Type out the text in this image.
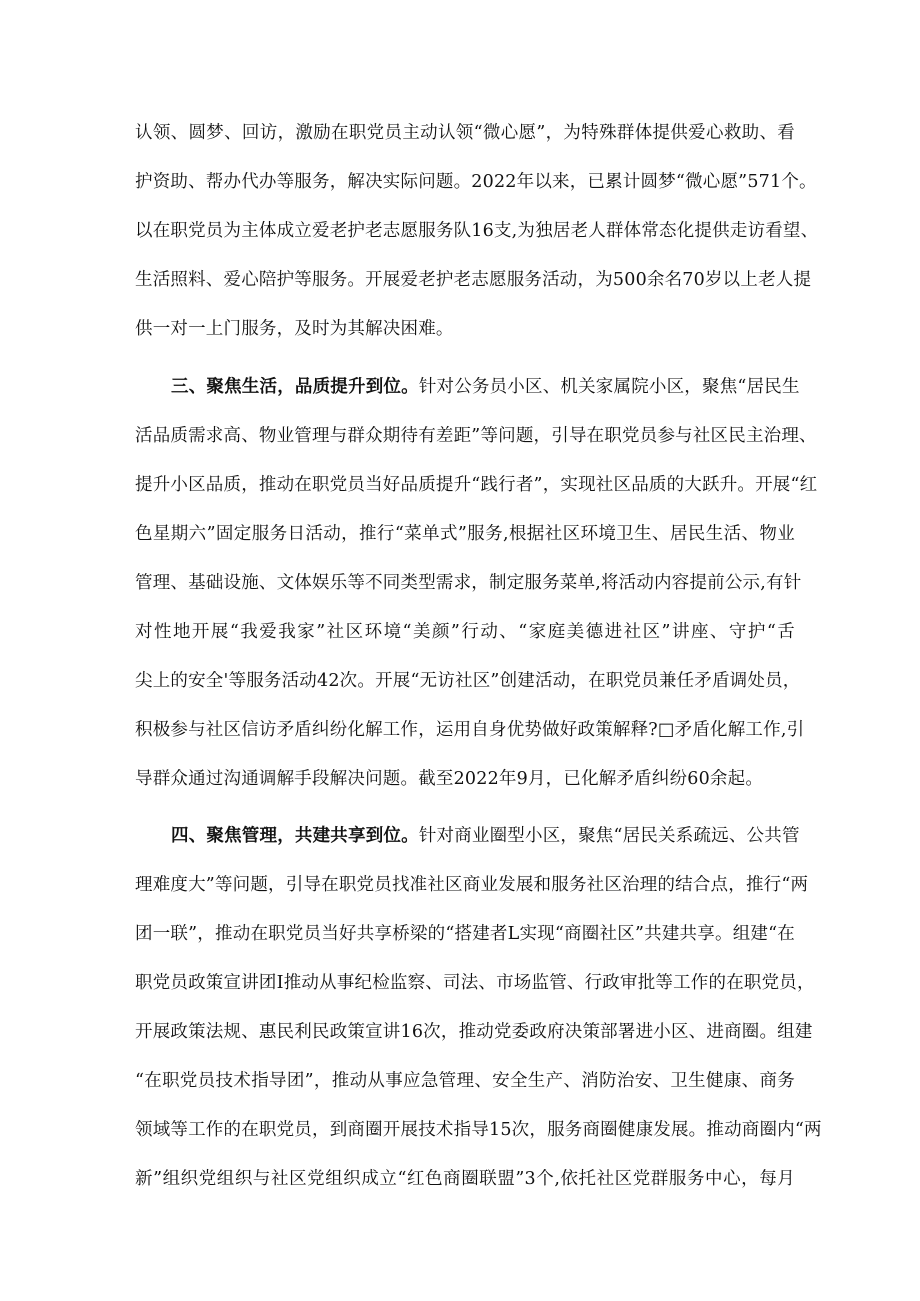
认领、圆梦、回访，激励在职党员主动认领“微心愿”，为特殊群体提供爱心救助、看
护资助、帮办代办等服务，解决实际问题。2022年以来，已累计圆梦“微心愿”571个。
以在职党员为主体成立爱老护老志愿服务队16支,为独居老人群体常态化提供走访看望、
生活照料、爱心陪护等服务。开展爱老护老志愿服务活动，为500余名70岁以上老人提
供一对一上门服务，及时为其解决困难。
三、聚焦生活，品质提升到位。针对公务员小区、机关家属院小区，聚焦“居民生
活品质需求高、物业管理与群众期待有差距”等问题，引导在职党员参与社区民主治理、
提升小区品质，推动在职党员当好品质提升“践行者”，实现社区品质的大跃升。开展“红
色星期六”固定服务日活动，推行“菜单式”服务,根据社区环境卫生、居民生活、物业
管理、基础设施、文体娱乐等不同类型需求，制定服务菜单,将活动内容提前公示,有针
对性地开展“我爱我家”社区环境“美颜”行动、“家庭美德进社区”讲座、守护“舌
尖上的安全'等服务活动42次。开展“无访社区”创建活动，在职党员兼任矛盾调处员，
积极参与社区信访矛盾纠纷化解工作，运用自身优势做好政策解释?□矛盾化解工作,引
导群众通过沟通调解手段解决问题。截至2022年9月，已化解矛盾纠纷60余起。
四、聚焦管理，共建共享到位。针对商业圈型小区，聚焦“居民关系疏远、公共管
理难度大”等问题，引导在职党员找准社区商业发展和服务社区治理的结合点，推行“两
团一联”，推动在职党员当好共享桥梁的“搭建者L实现“商圈社区”共建共享。组建“在
职党员政策宣讲团I推动从事纪检监察、司法、市场监管、行政审批等工作的在职党员，
开展政策法规、惠民利民政策宣讲16次，推动党委政府决策部署进小区、进商圈。组建
“在职党员技术指导团”，推动从事应急管理、安全生产、消防治安、卫生健康、商务
领域等工作的在职党员，到商圈开展技术指导15次，服务商圈健康发展。推动商圈内“两
新”组织党组织与社区党组织成立“红色商圈联盟”3个,依托社区党群服务中心，每月
